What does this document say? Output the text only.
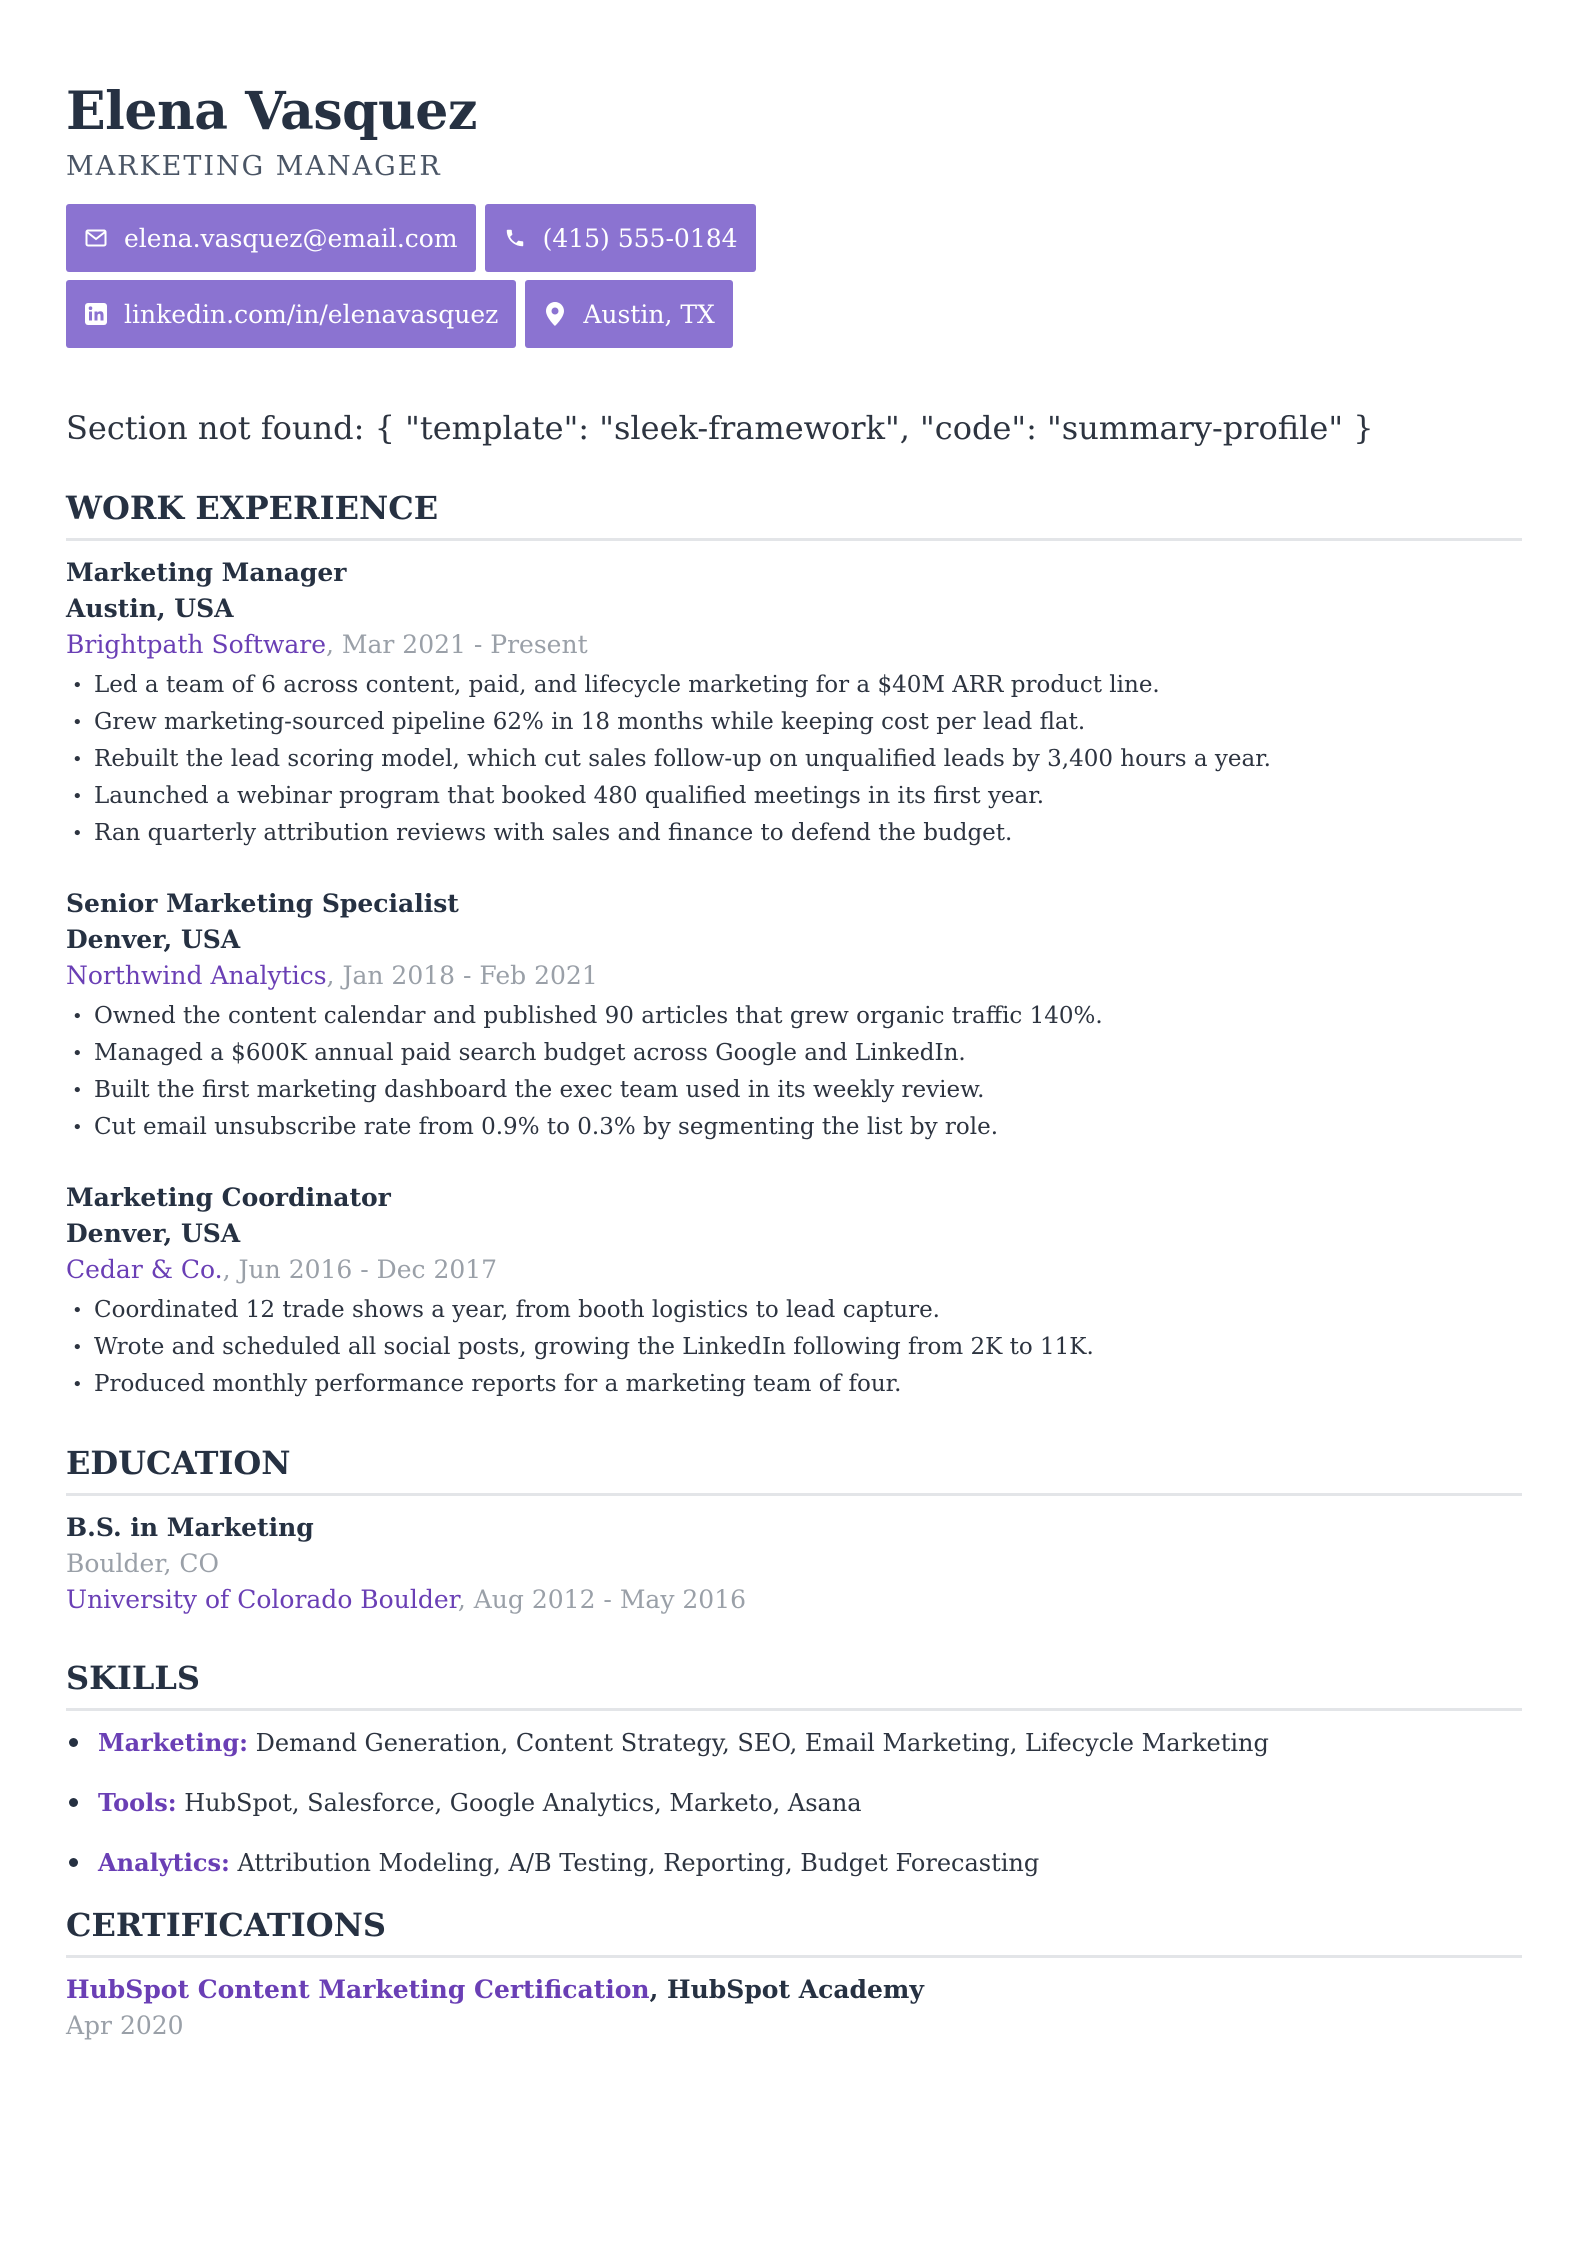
Elena Vasquez
MARKETING MANAGER
elena.vasquez@email.com	(415) 555-0184
linkedin.com/in/elenavasquez	Austin, TX
Section not found: { "template": "sleek-framework", "code": "summary-profile" }
WORK EXPERIENCE
Marketing Manager
Austin, USA
Brightpath Software, Mar 2021 - Present
• Led a team of 6 across content, paid, and lifecycle marketing for a $40M ARR product line.
• Grew marketing-sourced pipeline 62% in 18 months while keeping cost per lead flat.
• Rebuilt the lead scoring model, which cut sales follow-up on unqualified leads by 3,400 hours a year.
• Launched a webinar program that booked 480 qualified meetings in its first year.
• Ran quarterly attribution reviews with sales and finance to defend the budget.
Senior Marketing Specialist
Denver, USA
Northwind Analytics, Jan 2018 - Feb 2021
• Owned the content calendar and published 90 articles that grew organic traffic 140%.
• Managed a $600K annual paid search budget across Google and LinkedIn.
• Built the first marketing dashboard the exec team used in its weekly review.
• Cut email unsubscribe rate from 0.9% to 0.3% by segmenting the list by role.
Marketing Coordinator
Denver, USA
Cedar & Co., Jun 2016 - Dec 2017
• Coordinated 12 trade shows a year, from booth logistics to lead capture.
• Wrote and scheduled all social posts, growing the LinkedIn following from 2K to 11K.
• Produced monthly performance reports for a marketing team of four.
EDUCATION
B.S. in Marketing
Boulder, CO
University of Colorado Boulder, Aug 2012 - May 2016
SKILLS
Marketing: Demand Generation, Content Strategy, SEO, Email Marketing, Lifecycle Marketing
Tools: HubSpot, Salesforce, Google Analytics, Marketo, Asana
Analytics: Attribution Modeling, A/B Testing, Reporting, Budget Forecasting
CERTIFICATIONS
HubSpot Content Marketing Certification, HubSpot Academy
Apr 2020
